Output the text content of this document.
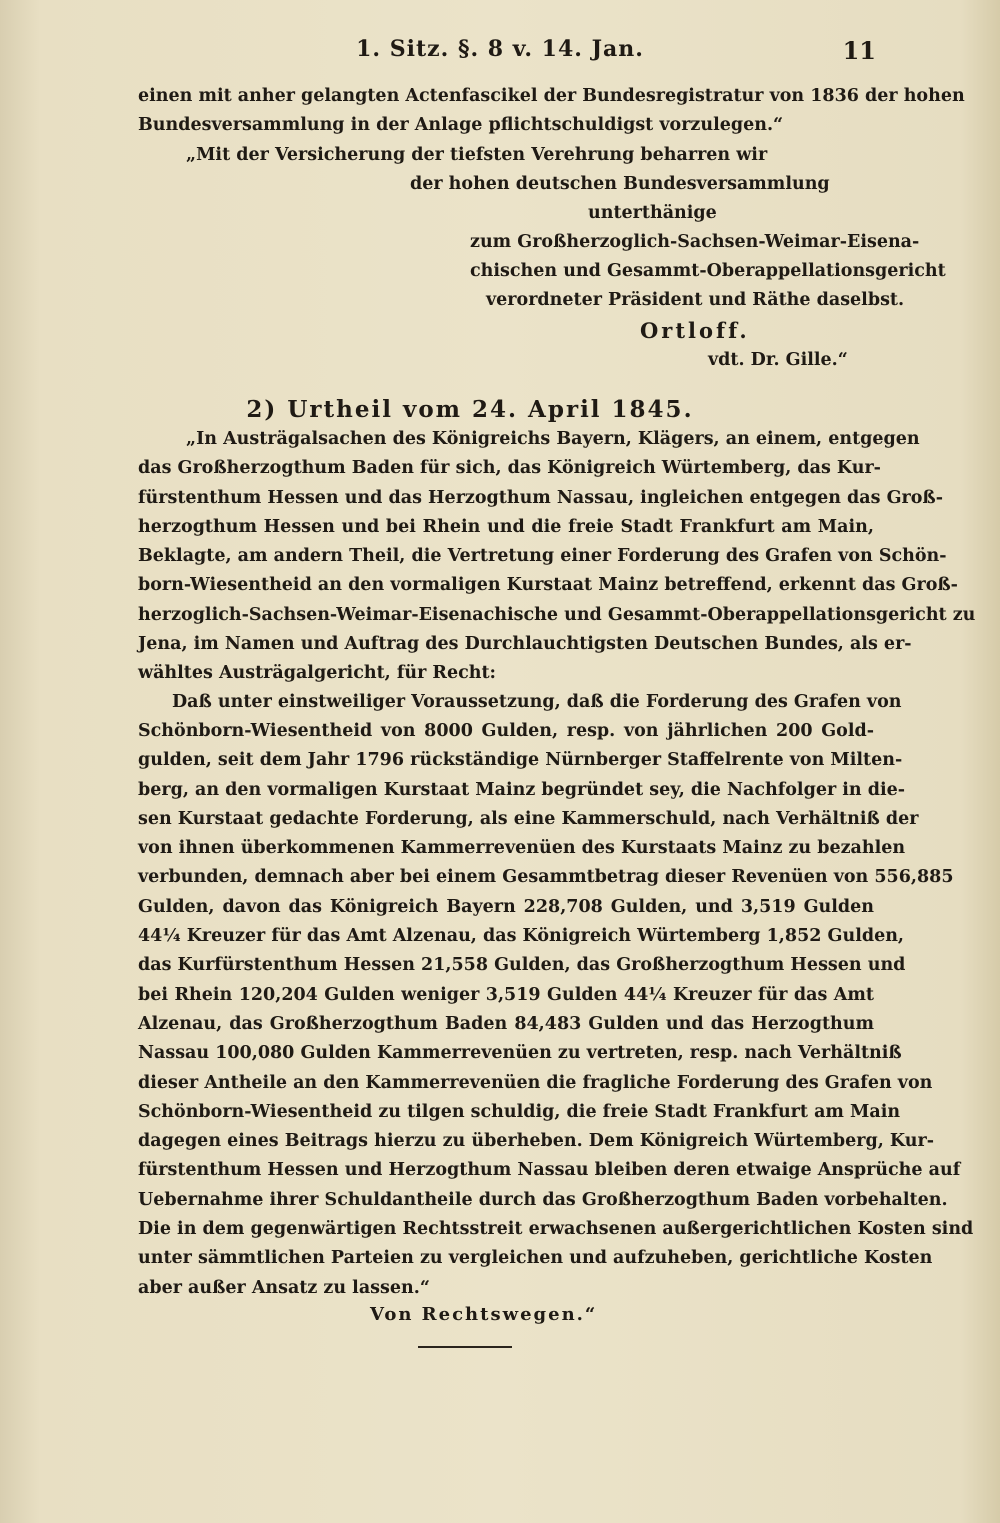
1. Sitz. §. 8 v. 14. Jan.	11
einen mit anher gelangten Actenfascikel der Bundesregistratur von 1836 der hohen
Bundesversammlung in der Anlage pflichtschuldigst vorzulegen.“
„Mit der Versicherung der tiefsten Verehrung beharren wir
der hohen deutschen Bundesversammlung
unterthänige
zum Großherzoglich-Sachsen-Weimar-Eisena-
chischen und Gesammt-Oberappellationsgericht
verordneter Präsident und Räthe daselbst.
Ortloff.
vdt. Dr. Gille.“
2) Urtheil vom 24. April 1845.
„In Austrägalsachen des Königreichs Bayern, Klägers, an einem, entgegen
das Großherzogthum Baden für sich, das Königreich Würtemberg, das Kur-
fürstenthum Hessen und das Herzogthum Nassau, ingleichen entgegen das Groß-
herzogthum Hessen und bei Rhein und die freie Stadt Frankfurt am Main,
Beklagte, am andern Theil, die Vertretung einer Forderung des Grafen von Schön-
born-Wiesentheid an den vormaligen Kurstaat Mainz betreffend, erkennt das Groß-
herzoglich-Sachsen-Weimar-Eisenachische und Gesammt-Oberappellationsgericht zu
Jena, im Namen und Auftrag des Durchlauchtigsten Deutschen Bundes, als er-
wähltes Austrägalgericht, für Recht:
Daß unter einstweiliger Voraussetzung, daß die Forderung des Grafen von
Schönborn-Wiesentheid von 8000 Gulden, resp. von jährlichen 200 Gold-
gulden, seit dem Jahr 1796 rückständige Nürnberger Staffelrente von Milten-
berg, an den vormaligen Kurstaat Mainz begründet sey, die Nachfolger in die-
sen Kurstaat gedachte Forderung, als eine Kammerschuld, nach Verhältniß der
von ihnen überkommenen Kammerrevenüen des Kurstaats Mainz zu bezahlen
verbunden, demnach aber bei einem Gesammtbetrag dieser Revenüen von 556,885
Gulden, davon das Königreich Bayern 228,708 Gulden, und 3,519 Gulden
44¼ Kreuzer für das Amt Alzenau, das Königreich Würtemberg 1,852 Gulden,
das Kurfürstenthum Hessen 21,558 Gulden, das Großherzogthum Hessen und
bei Rhein 120,204 Gulden weniger 3,519 Gulden 44¼ Kreuzer für das Amt
Alzenau, das Großherzogthum Baden 84,483 Gulden und das Herzogthum
Nassau 100,080 Gulden Kammerrevenüen zu vertreten, resp. nach Verhältniß
dieser Antheile an den Kammerrevenüen die fragliche Forderung des Grafen von
Schönborn-Wiesentheid zu tilgen schuldig, die freie Stadt Frankfurt am Main
dagegen eines Beitrags hierzu zu überheben. Dem Königreich Würtemberg, Kur-
fürstenthum Hessen und Herzogthum Nassau bleiben deren etwaige Ansprüche auf
Uebernahme ihrer Schuldantheile durch das Großherzogthum Baden vorbehalten.
Die in dem gegenwärtigen Rechtsstreit erwachsenen außergerichtlichen Kosten sind
unter sämmtlichen Parteien zu vergleichen und aufzuheben, gerichtliche Kosten
aber außer Ansatz zu lassen.“
Von Rechtswegen.“
